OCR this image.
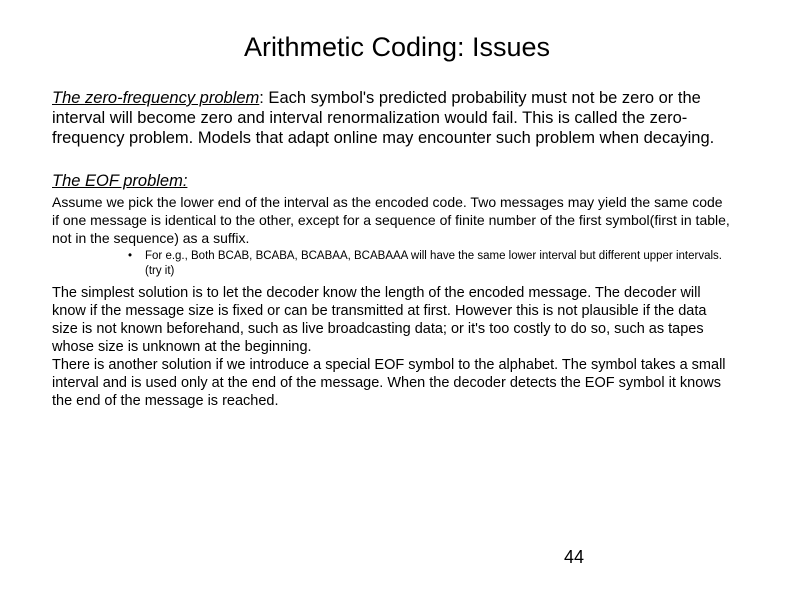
Arithmetic Coding: Issues

The zero-frequency problem: Each symbol's predicted probability must not be zero or the interval will become zero and interval renormalization would fail. This is called the zero-frequency problem. Models that adapt online may encounter such problem when decaying.

The EOF problem:

Assume we pick the lower end of the interval as the encoded code. Two messages may yield the same code if one message is identical to the other, except for a sequence of finite number of the first symbol(first in table, not in the sequence) as a suffix.

•	For e.g., Both BCAB, BCABA, BCABAA, BCABAAA will have the same lower interval but different upper intervals. (try it)

The simplest solution is to let the decoder know the length of the encoded message. The decoder will know if the message size is fixed or can be transmitted at first. However this is not plausible if the data size is not known beforehand, such as live broadcasting data; or it's too costly to do so, such as tapes whose size is unknown at the beginning.

There is another solution if we introduce a special EOF symbol to the alphabet. The symbol takes a small interval and is used only at the end of the message. When the decoder detects the EOF symbol it knows the end of the message is reached.

44
